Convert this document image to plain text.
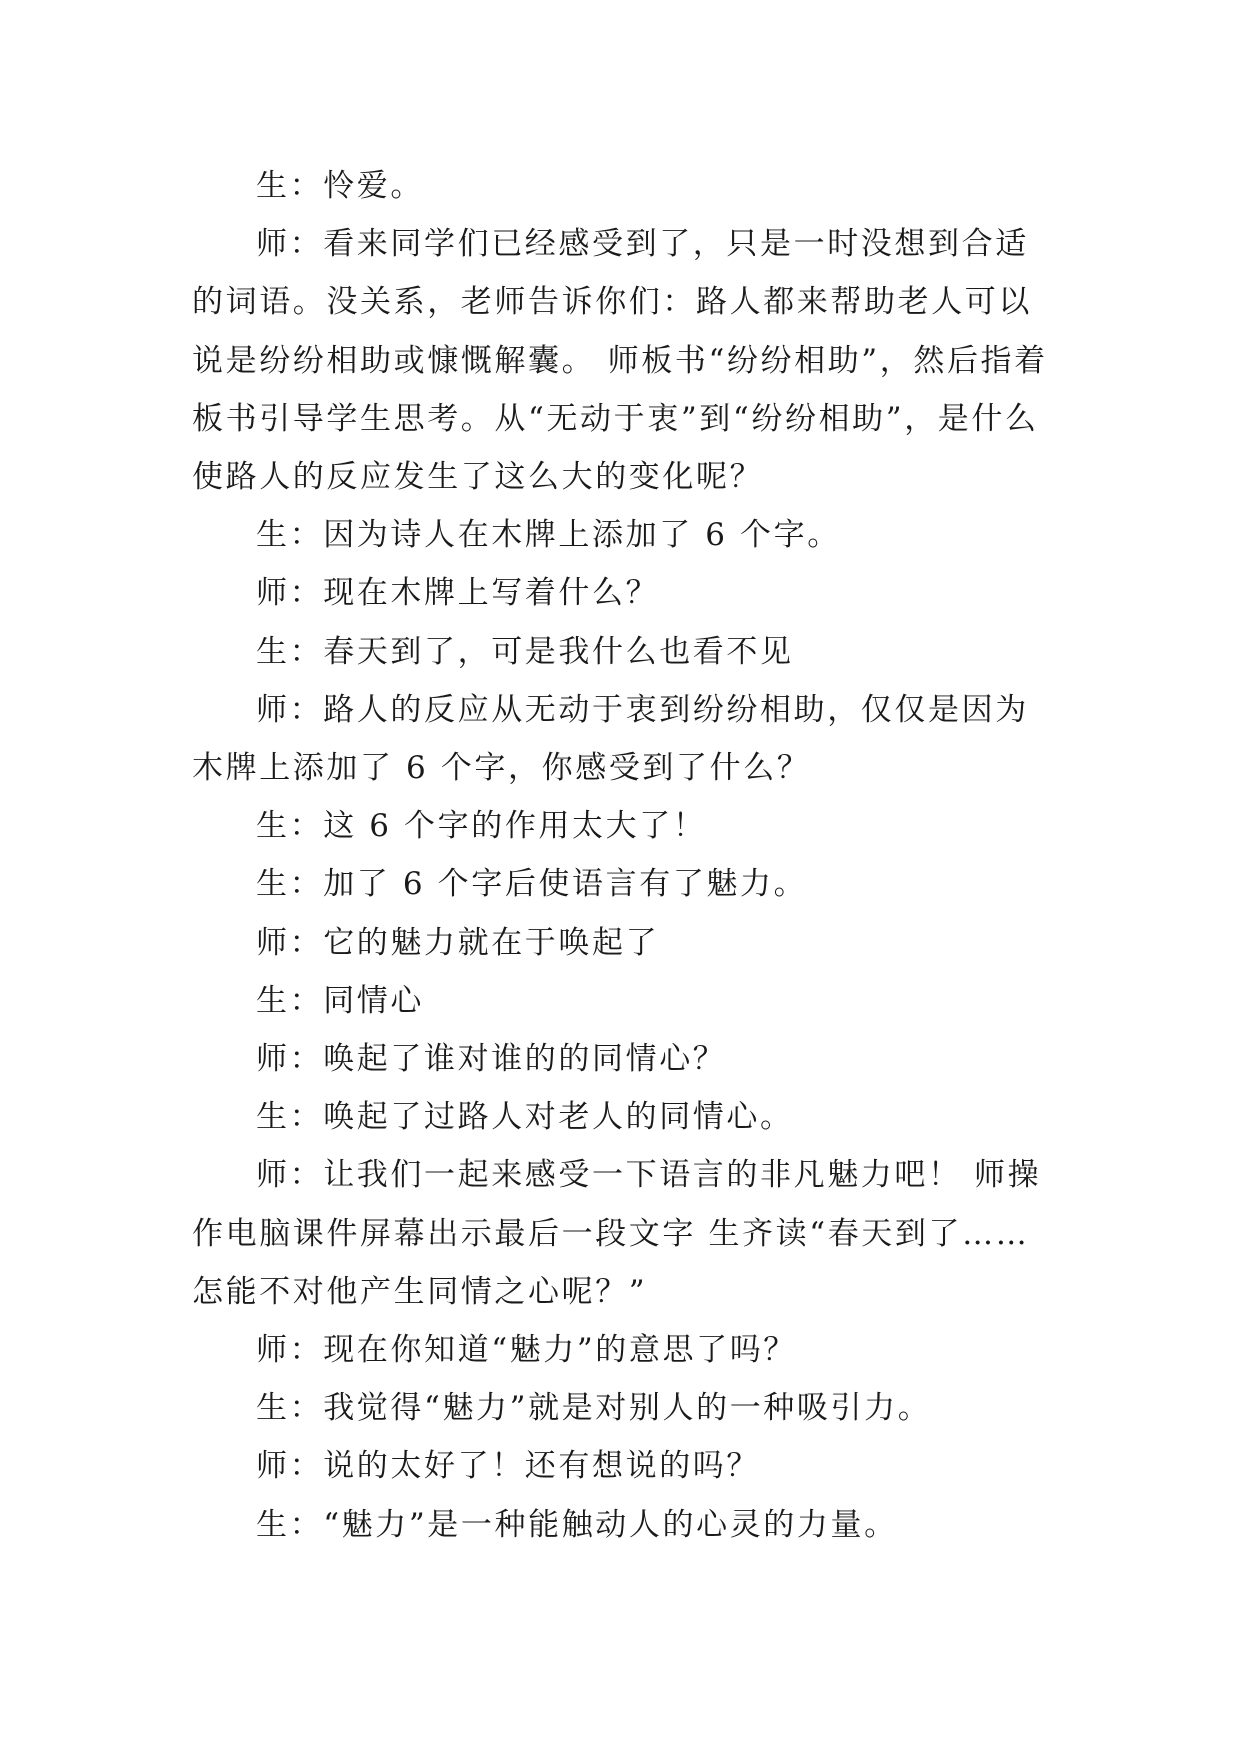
生：怜爱。

师：看来同学们已经感受到了，只是一时没想到合适的词语。没关系，老师告诉你们：路人都来帮助老人可以说是纷纷相助或慷慨解囊。 师板书“纷纷相助”，然后指着板书引导学生思考。从“无动于衷”到“纷纷相助”，是什么使路人的反应发生了这么大的变化呢？

生：因为诗人在木牌上添加了 6 个字。

师：现在木牌上写着什么？

生：春天到了，可是我什么也看不见

师：路人的反应从无动于衷到纷纷相助，仅仅是因为木牌上添加了 6 个字，你感受到了什么？

生：这 6 个字的作用太大了！

生：加了 6 个字后使语言有了魅力。

师：它的魅力就在于唤起了

生：同情心

师：唤起了谁对谁的的同情心？

生：唤起了过路人对老人的同情心。

师：让我们一起来感受一下语言的非凡魅力吧！ 师操作电脑课件屏幕出示最后一段文字 生齐读“春天到了……怎能不对他产生同情之心呢？”

师：现在你知道“魅力”的意思了吗？

生：我觉得“魅力”就是对别人的一种吸引力。

师：说的太好了！还有想说的吗？

生：“魅力”是一种能触动人的心灵的力量。
